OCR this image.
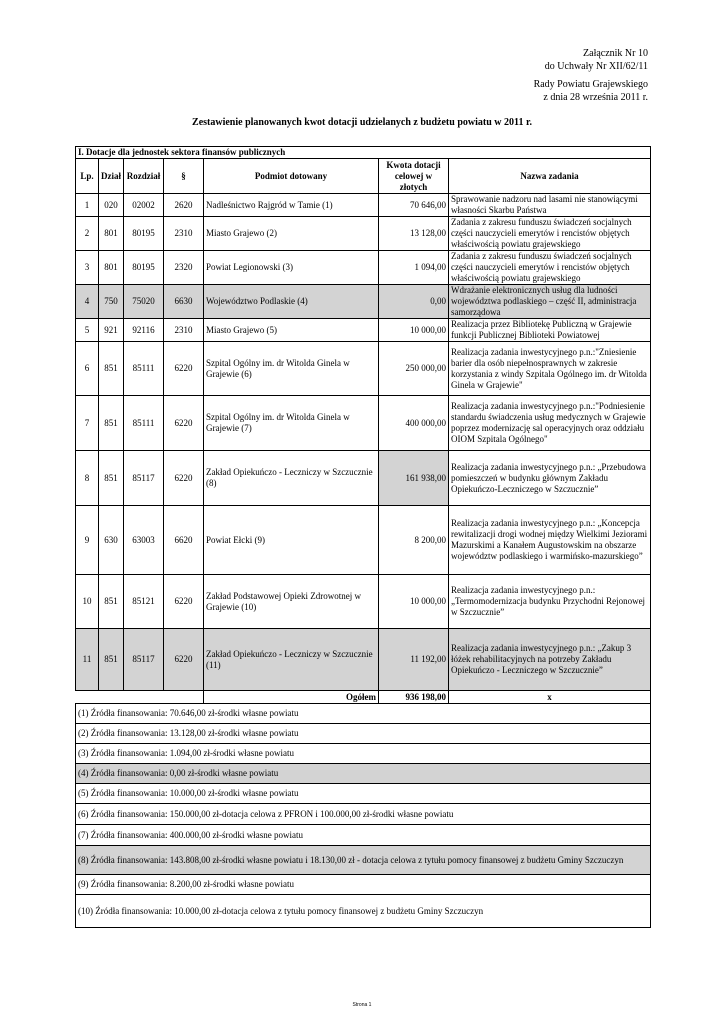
Załącznik Nr 10
do Uchwały Nr XII/62/11
Rady Powiatu Grajewskiego
z dnia 28 września 2011 r.
Zestawienie planowanych kwot dotacji udzielanych z budżetu powiatu w 2011 r.
I. Dotacje dla jednostek sektora finansów publicznych						
Lp.	Dział	Rozdział	§	Podmiot dotowany	Kwota dotacji celowej w złotych	Nazwa zadania
1	020	02002	2620	Nadleśnictwo Rajgród w Tamie (1)	70 646,00	Sprawowanie nadzoru nad lasami nie stanowiącymi własności Skarbu Państwa
2	801	80195	2310	Miasto Grajewo (2)	13 128,00	Zadania z zakresu funduszu świadczeń socjalnych części nauczycieli emerytów i rencistów objętych właściwością powiatu grajewskiego
3	801	80195	2320	Powiat Legionowski (3)	1 094,00	Zadania z zakresu funduszu świadczeń socjalnych części nauczycieli emerytów i rencistów objętych właściwością powiatu grajewskiego
4	750	75020	6630	Województwo Podlaskie (4)	0,00	Wdrażanie elektronicznych usług dla ludności województwa podlaskiego – część II, administracja samorządowa
5	921	92116	2310	Miasto Grajewo (5)	10 000,00	Realizacja przez Bibliotekę Publiczną w Grajewie funkcji Publicznej Biblioteki Powiatowej
6	851	85111	6220	Szpital Ogólny im. dr Witolda Ginela w Grajewie (6)	250 000,00	Realizacja zadania inwestycyjnego p.n.:"Zniesienie barier dla osób niepełnosprawnych w zakresie korzystania z windy Szpitala Ogólnego im. dr Witolda Ginela w Grajewie"
7	851	85111	6220	Szpital Ogólny im. dr Witolda Ginela w Grajewie (7)	400 000,00	Realizacja zadania inwestycyjnego p.n.:"Podniesienie standardu świadczenia usług medycznych w Grajewie poprzez modernizację sal operacyjnych oraz oddziału OIOM Szpitala Ogólnego"
8	851	85117	6220	Zakład Opiekuńczo - Leczniczy w Szczucznie (8)	161 938,00	Realizacja zadania inwestycyjnego p.n.: „Przebudowa pomieszczeń w budynku głównym Zakładu Opiekuńczo-Leczniczego w Szczucznie”
9	630	63003	6620	Powiat Ełcki (9)	8 200,00	Realizacja zadania inwestycyjnego p.n.: „Koncepcja rewitalizacji drogi wodnej między Wielkimi Jeziorami Mazurskimi a Kanałem Augustowskim na obszarze województw podlaskiego i warmińsko-mazurskiego”
10	851	85121	6220	Zakład Podstawowej Opieki Zdrowotnej w Grajewie (10)	10 000,00	Realizacja zadania inwestycyjnego p.n.: „Termomodernizacja budynku Przychodni Rejonowej w Szczucznie”
11	851	85117	6220	Zakład Opiekuńczo - Leczniczy w Szczucznie (11)	11 192,00	Realizacja zadania inwestycyjnego p.n.: „Zakup 3 łóżek rehabilitacyjnych na potrzeby Zakładu Opiekuńczo - Leczniczego w Szczucznie”
				Ogółem	936 198,00	x
(1) Źródła finansowania: 70.646,00 zł-środki własne powiatu						
(2) Źródła finansowania: 13.128,00 zł-środki własne powiatu						
(3) Źródła finansowania: 1.094,00 zł-środki własne powiatu						
(4) Źródła finansowania: 0,00 zł-środki własne powiatu						
(5) Źródła finansowania: 10.000,00 zł-środki własne powiatu						
(6) Źródła finansowania: 150.000,00 zł-dotacja celowa z PFRON i 100.000,00 zł-środki własne powiatu						
(7) Źródła finansowania: 400.000,00 zł-środki własne powiatu						
(8) Źródła finansowania: 143.808,00 zł-środki własne powiatu i 18.130,00 zł - dotacja celowa z tytułu pomocy finansowej z budżetu Gminy Szczuczyn						
(9) Źródła finansowania: 8.200,00 zł-środki własne powiatu						
(10) Źródła finansowania: 10.000,00 zł-dotacja celowa z tytułu pomocy finansowej z budżetu Gminy Szczuczyn						
Strona 1
